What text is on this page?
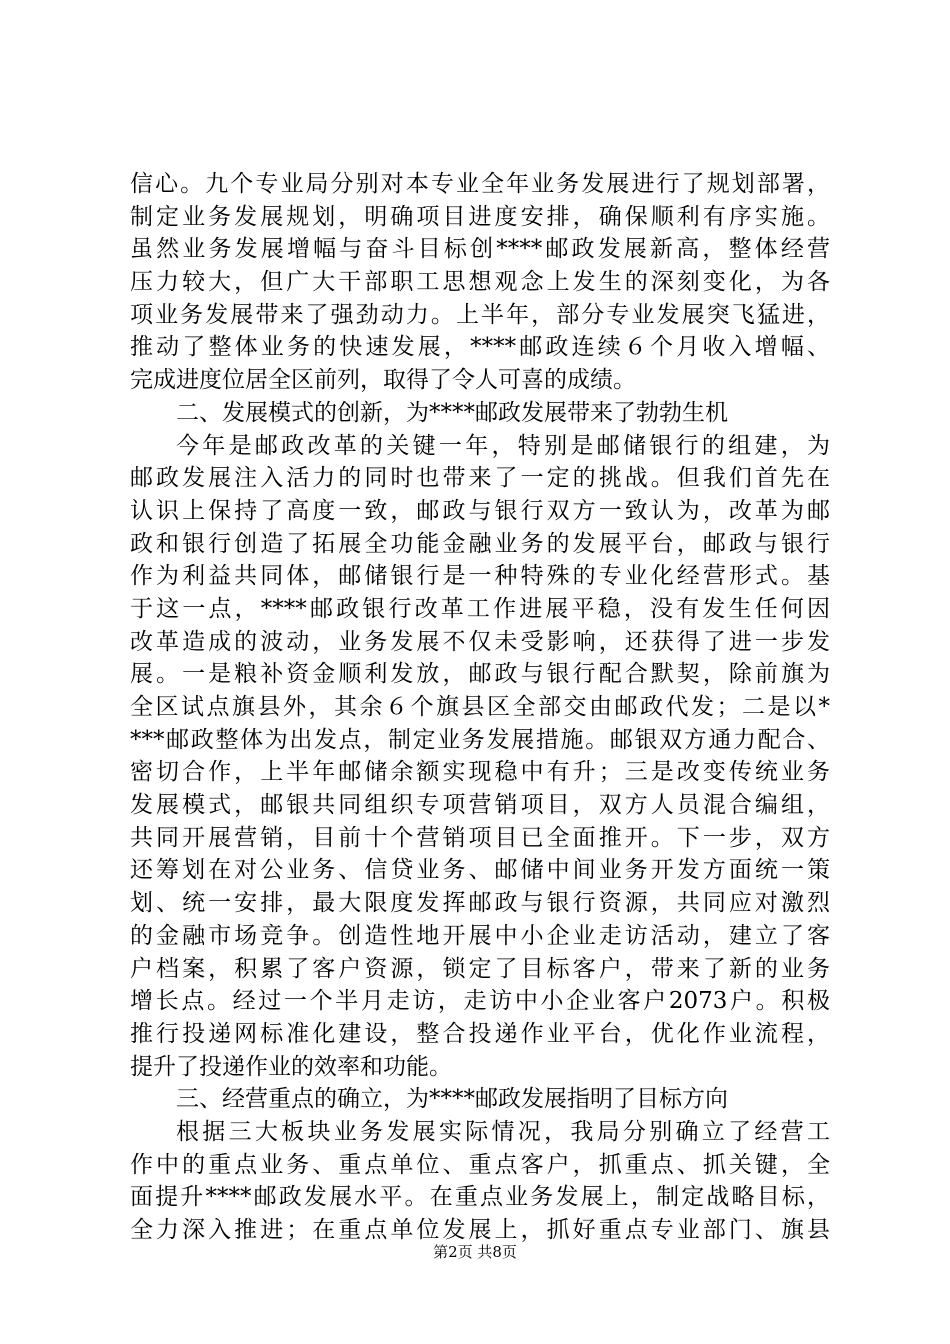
信心。九个专业局分别对本专业全年业务发展进行了规划部署，
制定业务发展规划，明确项目进度安排，确保顺利有序实施。
虽然业务发展增幅与奋斗目标创****邮政发展新高，整体经营
压力较大，但广大干部职工思想观念上发生的深刻变化，为各
项业务发展带来了强劲动力。上半年，部分专业发展突飞猛进，
推动了整体业务的快速发展，****邮政连续６个月收入增幅、
完成进度位居全区前列，取得了令人可喜的成绩。
二、发展模式的创新，为****邮政发展带来了勃勃生机
今年是邮政改革的关键一年，特别是邮储银行的组建，为
邮政发展注入活力的同时也带来了一定的挑战。但我们首先在
认识上保持了高度一致，邮政与银行双方一致认为，改革为邮
政和银行创造了拓展全功能金融业务的发展平台，邮政与银行
作为利益共同体，邮储银行是一种特殊的专业化经营形式。基
于这一点，****邮政银行改革工作进展平稳，没有发生任何因
改革造成的波动，业务发展不仅未受影响，还获得了进一步发
展。一是粮补资金顺利发放，邮政与银行配合默契，除前旗为
全区试点旗县外，其余６个旗县区全部交由邮政代发；二是以*
***邮政整体为出发点，制定业务发展措施。邮银双方通力配合、
密切合作，上半年邮储余额实现稳中有升；三是改变传统业务
发展模式，邮银共同组织专项营销项目，双方人员混合编组，
共同开展营销，目前十个营销项目已全面推开。下一步，双方
还筹划在对公业务、信贷业务、邮储中间业务开发方面统一策
划、统一安排，最大限度发挥邮政与银行资源，共同应对激烈
的金融市场竞争。创造性地开展中小企业走访活动，建立了客
户档案，积累了客户资源，锁定了目标客户，带来了新的业务
增长点。经过一个半月走访，走访中小企业客户2073户。积极
推行投递网标准化建设，整合投递作业平台，优化作业流程，
提升了投递作业的效率和功能。
三、经营重点的确立，为****邮政发展指明了目标方向
根据三大板块业务发展实际情况，我局分别确立了经营工
作中的重点业务、重点单位、重点客户，抓重点、抓关键，全
面提升****邮政发展水平。在重点业务发展上，制定战略目标，
全力深入推进；在重点单位发展上，抓好重点专业部门、旗县
第2页 共8页
